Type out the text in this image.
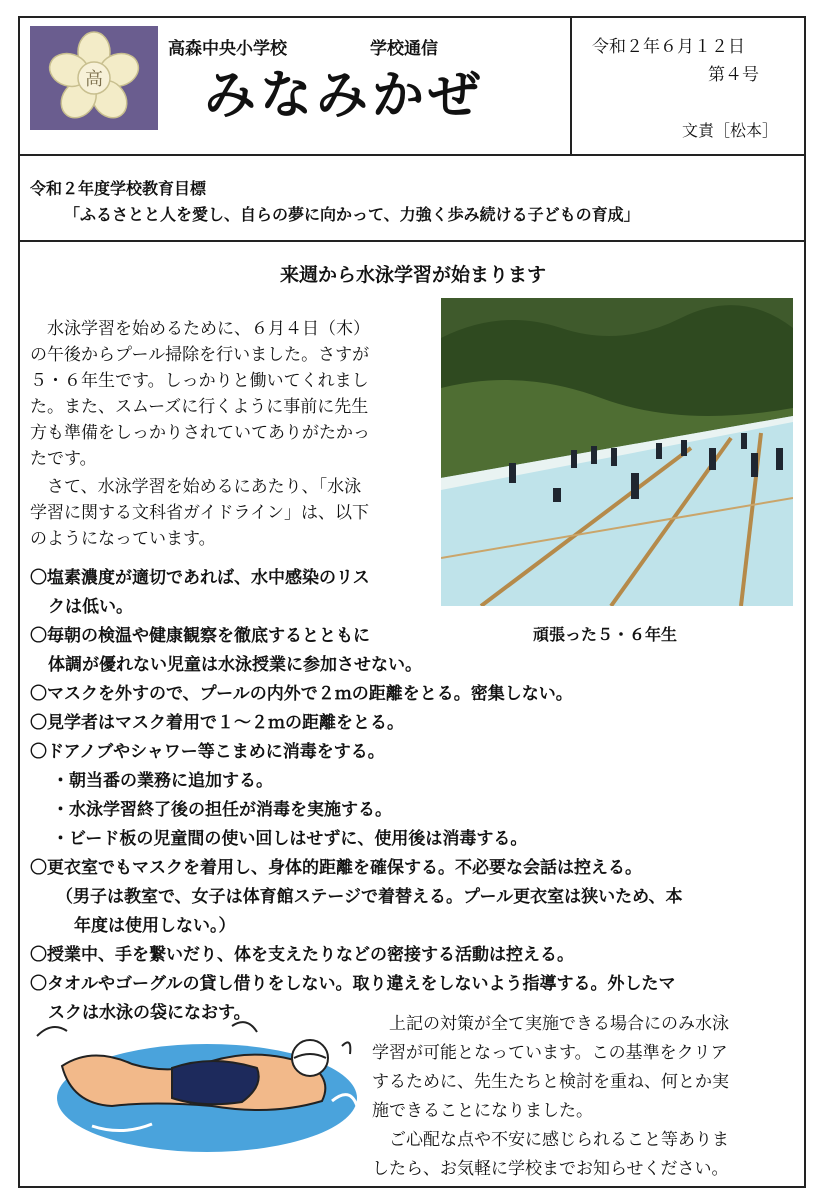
高
高森中央小学校	学校通信
みなみかぜ
令和２年６月１２日
第４号
文責［松本］
令和２年度学校教育目標
「ふるさとと人を愛し、自らの夢に向かって、力強く歩み続ける子どもの育成」
来週から水泳学習が始まります
　水泳学習を始めるために、６月４日（木）
の午後からプール掃除を行いました。さすが
５・６年生です。しっかりと働いてくれまし
た。また、スムーズに行くように事前に先生
方も準備をしっかりされていてありがたかっ
たです。
　さて、水泳学習を始めるにあたり、「水泳
学習に関する文科省ガイドライン」は、以下
のようになっています。
頑張った５・６年生
〇塩素濃度が適切であれば、水中感染のリス
クは低い。
〇毎朝の検温や健康観察を徹底するとともに
体調が優れない児童は水泳授業に参加させない。
〇マスクを外すので、プールの内外で２ｍの距離をとる。密集しない。
〇見学者はマスク着用で１～２ｍの距離をとる。
〇ドアノブやシャワー等こまめに消毒をする。
・朝当番の業務に追加する。
・水泳学習終了後の担任が消毒を実施する。
・ビード板の児童間の使い回しはせずに、使用後は消毒する。
〇更衣室でもマスクを着用し、身体的距離を確保する。不必要な会話は控える。
（男子は教室で、女子は体育館ステージで着替える。プール更衣室は狭いため、本
年度は使用しない。）
〇授業中、手を繋いだり、体を支えたりなどの密接する活動は控える。
〇タオルやゴーグルの貸し借りをしない。取り違えをしないよう指導する。外したマ
スクは水泳の袋になおす。
　上記の対策が全て実施できる場合にのみ水泳
学習が可能となっています。この基準をクリア
するために、先生たちと検討を重ね、何とか実
施できることになりました。
　ご心配な点や不安に感じられること等ありま
したら、お気軽に学校までお知らせください。
